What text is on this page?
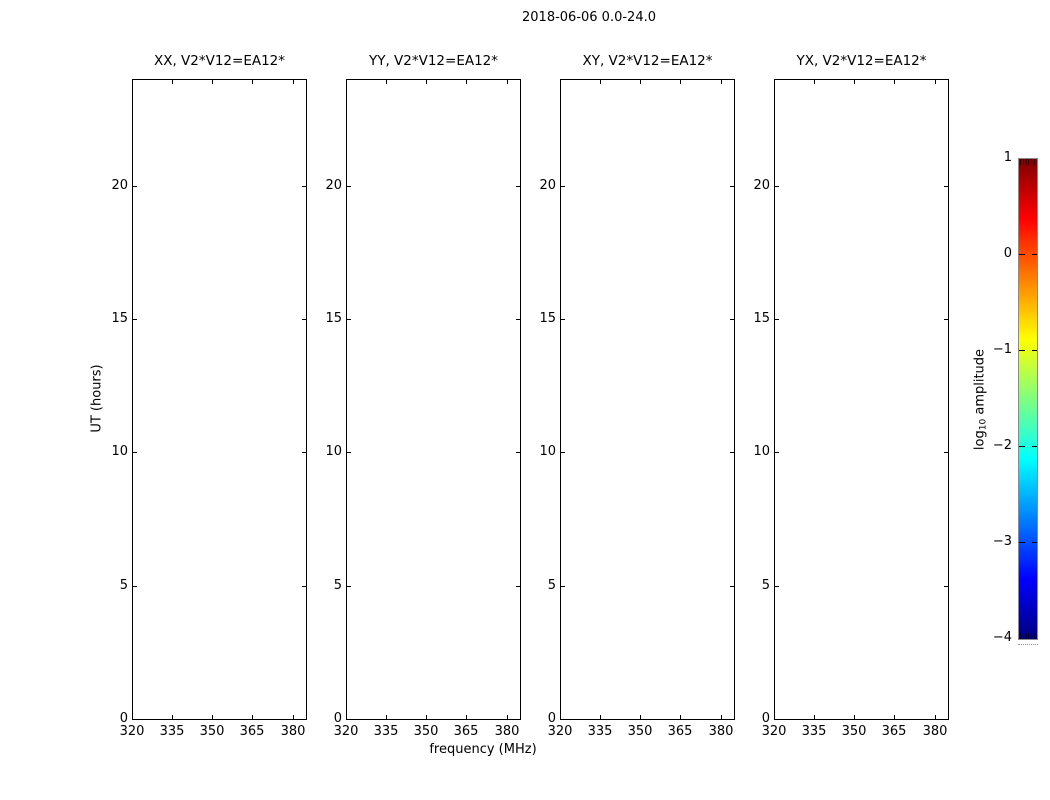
2018-06-06 0.0-24.0
XX, V2*V12=EA12*
320	335	350	365	380
0
5
10
15
20
YY, V2*V12=EA12*
320	335	350	365	380
0
5
10
15
20
XY, V2*V12=EA12*
320	335	350	365	380
0
5
10
15
20
YX, V2*V12=EA12*
320	335	350	365	380
0
5
10
15
20
frequency (MHz)
UT (hours)
1
0
−1
−2
−3
−4
log10 amplitude
